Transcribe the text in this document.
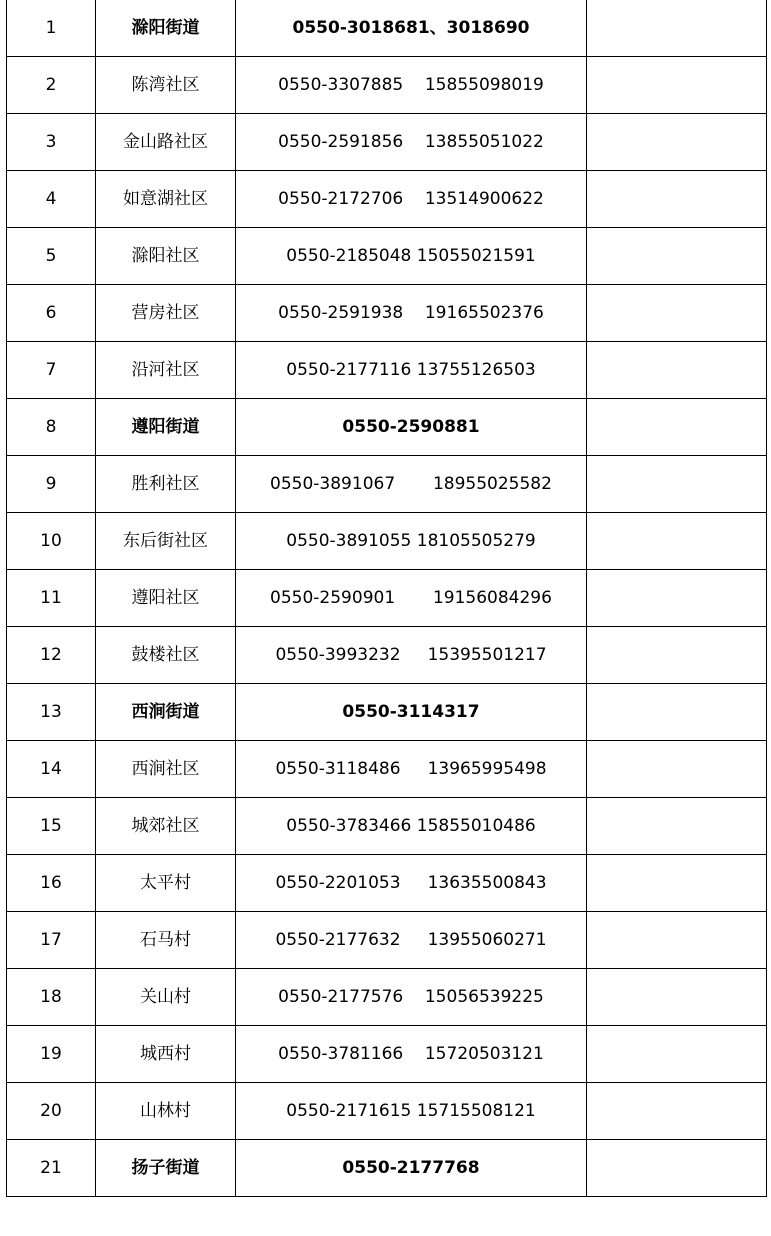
1	滁阳街道	0550-3018681、3018690	
2	陈湾社区	0550-3307885    15855098019	
3	金山路社区	0550-2591856    13855051022	
4	如意湖社区	0550-2172706    13514900622	
5	滁阳社区	0550-2185048 15055021591	
6	营房社区	0550-2591938    19165502376	
7	沿河社区	0550-2177116 13755126503	
8	遵阳街道	0550-2590881	
9	胜利社区	0550-3891067       18955025582	
10	东后街社区	0550-3891055 18105505279	
11	遵阳社区	0550-2590901       19156084296	
12	鼓楼社区	0550-3993232     15395501217	
13	西涧街道	0550-3114317	
14	西涧社区	0550-3118486     13965995498	
15	城郊社区	0550-3783466 15855010486	
16	太平村	0550-2201053     13635500843	
17	石马村	0550-2177632     13955060271	
18	关山村	0550-2177576    15056539225	
19	城西村	0550-3781166    15720503121	
20	山林村	0550-2171615 15715508121	
21	扬子街道	0550-2177768	
